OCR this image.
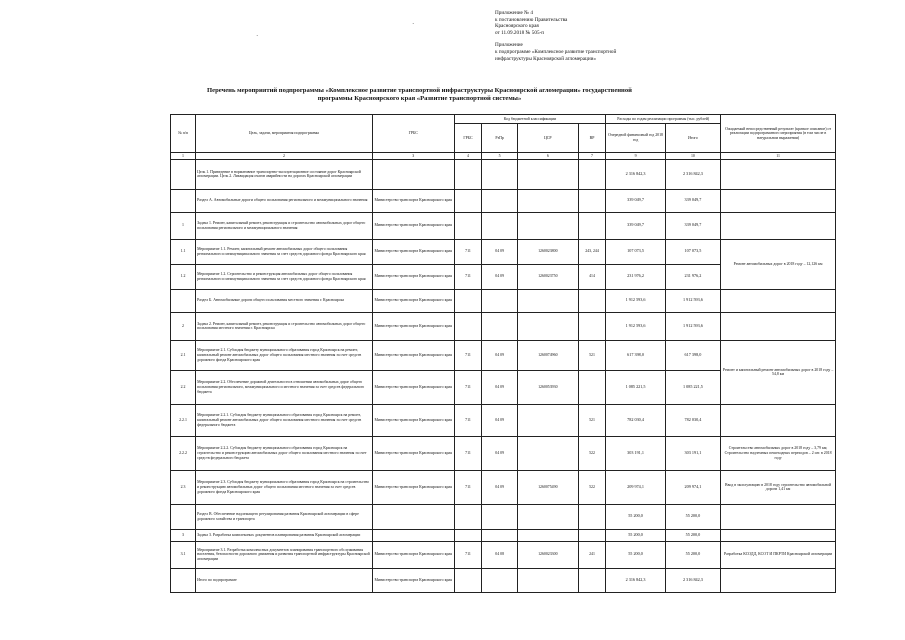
Приложение № 4
к постановлению Правительства
Красноярского края
от 11.09.2018 № 505-п
Приложение
к подпрограмме «Комплексное развитие транспортной
инфраструктуры Красноярской агломерации»
·
·
Перечень мероприятий подпрограммы «Комплексное развитие транспортной инфраструктуры Красноярской агломерации» государственной
программы Красноярского края «Развитие транспортной системы»
№ п/п	Цель, задачи, мероприятия подпрограммы	ГРБС	Код бюджетной классификации				Расходы по годам реализации программы (тыс. рублей)		Ожидаемый непосредственный результат (краткое описание) от реализации подпрограммного мероприятия (в том числе в натуральном выражении)
			ГРБС	РзПр	ЦСР	ВР	Очередной финансовый год 2018 год	Итого	
1	2	3	4	5	6	7	9	10	11
	Цель 1. Приведение в нормативное транспортно-эксплуатационное состояние дорог Красноярской агломерации. Цель 2. Ликвидация очагов аварийности на дорогах Красноярской агломерации						2 316 842,3	2 316 842,3	
	Раздел А. Автомобильные дороги общего пользования регионального и межмуниципального значения	Министерство транспорта Красноярского края					339 049,7	339 049,7	
1	Задача 1. Ремонт, капитальный ремонт, реконструкция и строительство автомобильных дорог общего пользования регионального и межмуниципального значения	Министерство транспорта Красноярского края					339 049,7	339 049,7	
1.1	Мероприятие 1.1. Ремонт, капитальный ремонт автомобильных дорог общего пользования регионального и межмуниципального значения за счет средств дорожного фонда Красноярского края	Министерство транспорта Красноярского края	711	04 09	1260023800	243, 244	107 073,5	107 073,5	Ремонт автомобильных дорог в 2018 году – 12,126 км
1.2	Мероприятие 1.2. Строительство и реконструкция автомобильных дорог общего пользования регионального и межмуниципального значения за счет средств дорожного фонда Красноярского края	Министерство транспорта Красноярского края	711	04 09	1260023750	414	231 976,2	231 976,2	
	Раздел Б. Автомобильные дороги общего пользования местного значения г. Красноярска	Министерство транспорта Красноярского края					1 912 593,6	1 912 593,6	
2	Задача 2. Ремонт, капитальный ремонт, реконструкция и строительство автомобильных дорог общего пользования местного значения г. Красноярска	Министерство транспорта Красноярского края					1 912 593,6	1 912 593,6	
2.1	Мероприятие 2.1. Субсидия бюджету муниципального образования город Красноярск на ремонт, капитальный ремонт автомобильных дорог общего пользования местного значения за счет средств дорожного фонда Красноярского края	Министерство транспорта Красноярского края	711	04 09	1260074960	521	617 398,0	617 398,0	Ремонт и капитальный ремонт автомобильных дорог в 2018 году – 54,8 км
2.2	Мероприятие 2.2. Обеспечение дорожной деятельности в отношении автомобильных дорог общего пользования регионального, межмуниципального и местного значения за счет средств федерального бюджета	Министерство транспорта Красноярского края	711	04 09	1260053930		1 085 221,5	1 085 221,5	
2.2.1	Мероприятие 2.2.1. Субсидия бюджету муниципального образования город Красноярск на ремонт, капитальный ремонт автомобильных дорог общего пользования местного значения за счет средств федерального бюджета	Министерство транспорта Красноярского края	711	04 09		521	782 030,4	782 030,4	
2.2.2	Мероприятие 2.2.2. Субсидия бюджету муниципального образования город Красноярск на строительство и реконструкцию автомобильных дорог общего пользования местного значения за счет средств федерального бюджета	Министерство транспорта Красноярского края	711	04 09		522	303 191,1	303 191,1	Строительство автомобильных дорог в 2018 году – 3,79 км; Строительство надземных пешеходных переходов – 2 шт. в 2018 году
2.3	Мероприятие 2.3. Субсидия бюджету муниципального образования город Красноярск на строительство и реконструкцию автомобильных дорог общего пользования местного значения за счет средств дорожного фонда Красноярского края	Министерство транспорта Красноярского края	711	04 09	1260075490	522	209 974,1	209 974,1	Ввод в эксплуатацию в 2018 году строительство автомобильной дороги 1,41 км
	Раздел В. Обеспечение надлежащего регулирования развития Красноярской агломерации в сфере дорожного хозяйства и транспорта						55 200,0	55 200,0	
3	Задача 3. Разработка комплексных документов планирования развития Красноярской агломерации						55 200,0	55 200,0	
3.1	Мероприятие 3.1. Разработка комплексных документов планирования транспортного обслуживания населения, безопасности дорожного движения и развития транспортной инфраструктуры Красноярской агломерации	Министерство транспорта Красноярского края	711	04 08	1260023300	241	55 200,0	55 200,0	Разработка КСОДД, КСОТ И ПКРТИ Красноярской агломерации
	Итого по подпрограмме	Министерство транспорта Красноярского края					2 316 842,3	2 316 842,3	
